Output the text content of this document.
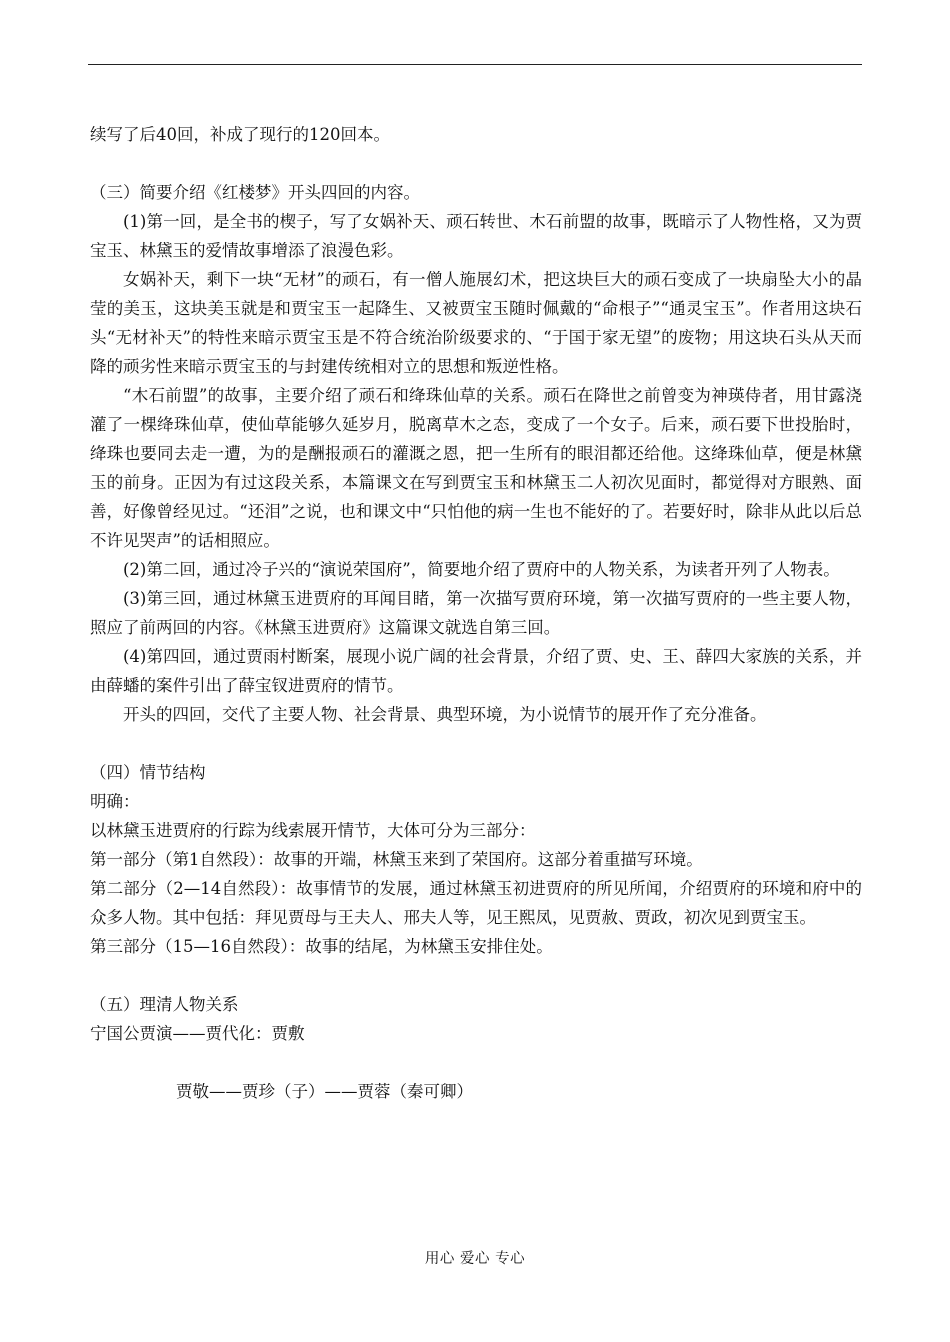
续写了后40回，补成了现行的120回本。

（三）简要介绍《红楼梦》开头四回的内容。

(1)第一回，是全书的楔子，写了女娲补天、顽石转世、木石前盟的故事，既暗示了人物性格，又为贾宝玉、林黛玉的爱情故事增添了浪漫色彩。

女娲补天，剩下一块“无材”的顽石，有一僧人施展幻术，把这块巨大的顽石变成了一块扇坠大小的晶莹的美玉，这块美玉就是和贾宝玉一起降生、又被贾宝玉随时佩戴的“命根子”“通灵宝玉”。作者用这块石头“无材补天”的特性来暗示贾宝玉是不符合统治阶级要求的、“于国于家无望”的废物；用这块石头从天而降的顽劣性来暗示贾宝玉的与封建传统相对立的思想和叛逆性格。

“木石前盟”的故事，主要介绍了顽石和绛珠仙草的关系。顽石在降世之前曾变为神瑛侍者，用甘露浇灌了一棵绛珠仙草，使仙草能够久延岁月，脱离草木之态，变成了一个女子。后来，顽石要下世投胎时，绛珠也要同去走一遭，为的是酬报顽石的灌溉之恩，把一生所有的眼泪都还给他。这绛珠仙草，便是林黛玉的前身。正因为有过这段关系，本篇课文在写到贾宝玉和林黛玉二人初次见面时，都觉得对方眼熟、面善，好像曾经见过。“还泪”之说，也和课文中“只怕他的病一生也不能好的了。若要好时，除非从此以后总不许见哭声”的话相照应。

(2)第二回，通过冷子兴的“演说荣国府”，简要地介绍了贾府中的人物关系，为读者开列了人物表。

(3)第三回，通过林黛玉进贾府的耳闻目睹，第一次描写贾府环境，第一次描写贾府的一些主要人物，照应了前两回的内容。《林黛玉进贾府》这篇课文就选自第三回。

(4)第四回，通过贾雨村断案，展现小说广阔的社会背景，介绍了贾、史、王、薛四大家族的关系，并由薛蟠的案件引出了薛宝钗进贾府的情节。

开头的四回，交代了主要人物、社会背景、典型环境，为小说情节的展开作了充分准备。

（四）情节结构

明确：

以林黛玉进贾府的行踪为线索展开情节，大体可分为三部分：

第一部分（第1自然段）：故事的开端，林黛玉来到了荣国府。这部分着重描写环境。

第二部分（2—14自然段）：故事情节的发展，通过林黛玉初进贾府的所见所闻，介绍贾府的环境和府中的众多人物。其中包括：拜见贾母与王夫人、邢夫人等，见王熙凤，见贾赦、贾政，初次见到贾宝玉。

第三部分（15—16自然段）：故事的结尾，为林黛玉安排住处。

（五）理清人物关系

宁国公贾演——贾代化：贾敷

贾敬——贾珍（子）——贾蓉（秦可卿）

用心 爱心 专心
